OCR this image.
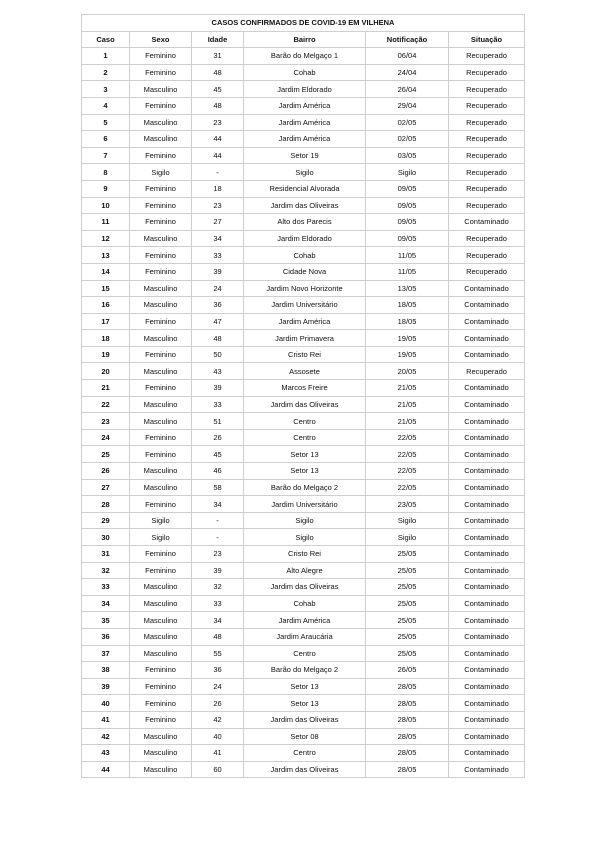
CASOS CONFIRMADOS DE COVID-19 EM VILHENA					
Caso	Sexo	Idade	Bairro	Notificação	Situação
1	Feminino	31	Barão do Melgaço 1	06/04	Recuperado
2	Feminino	48	Cohab	24/04	Recuperado
3	Masculino	45	Jardim Eldorado	26/04	Recuperado
4	Feminino	48	Jardim América	29/04	Recuperado
5	Masculino	23	Jardim América	02/05	Recuperado
6	Masculino	44	Jardim América	02/05	Recuperado
7	Feminino	44	Setor 19	03/05	Recuperado
8	Sigilo	-	Sigilo	Sigilo	Recuperado
9	Feminino	18	Residencial Alvorada	09/05	Recuperado
10	Feminino	23	Jardim das Oliveiras	09/05	Recuperado
11	Feminino	27	Alto dos Parecis	09/05	Contaminado
12	Masculino	34	Jardim Eldorado	09/05	Recuperado
13	Feminino	33	Cohab	11/05	Recuperado
14	Feminino	39	Cidade Nova	11/05	Recuperado
15	Masculino	24	Jardim Novo Horizonte	13/05	Contaminado
16	Masculino	36	Jardim Universitário	18/05	Contaminado
17	Feminino	47	Jardim América	18/05	Contaminado
18	Masculino	48	Jardim Primavera	19/05	Contaminado
19	Feminino	50	Cristo Rei	19/05	Contaminado
20	Masculino	43	Assosete	20/05	Recuperado
21	Feminino	39	Marcos Freire	21/05	Contaminado
22	Masculino	33	Jardim das Oliveiras	21/05	Contaminado
23	Masculino	51	Centro	21/05	Contaminado
24	Feminino	26	Centro	22/05	Contaminado
25	Feminino	45	Setor 13	22/05	Contaminado
26	Masculino	46	Setor 13	22/05	Contaminado
27	Masculino	58	Barão do Melgaço 2	22/05	Contaminado
28	Feminino	34	Jardim Universitário	23/05	Contaminado
29	Sigilo	-	Sigilo	Sigilo	Contaminado
30	Sigilo	-	Sigilo	Sigilo	Contaminado
31	Feminino	23	Cristo Rei	25/05	Contaminado
32	Feminino	39	Alto Alegre	25/05	Contaminado
33	Masculino	32	Jardim das Oliveiras	25/05	Contaminado
34	Masculino	33	Cohab	25/05	Contaminado
35	Masculino	34	Jardim América	25/05	Contaminado
36	Masculino	48	Jardim Araucária	25/05	Contaminado
37	Masculino	55	Centro	25/05	Contaminado
38	Feminino	36	Barão do Melgaço 2	26/05	Contaminado
39	Feminino	24	Setor 13	28/05	Contaminado
40	Feminino	26	Setor 13	28/05	Contaminado
41	Feminino	42	Jardim das Oliveiras	28/05	Contaminado
42	Masculino	40	Setor 08	28/05	Contaminado
43	Masculino	41	Centro	28/05	Contaminado
44	Masculino	60	Jardim das Oliveiras	28/05	Contaminado
